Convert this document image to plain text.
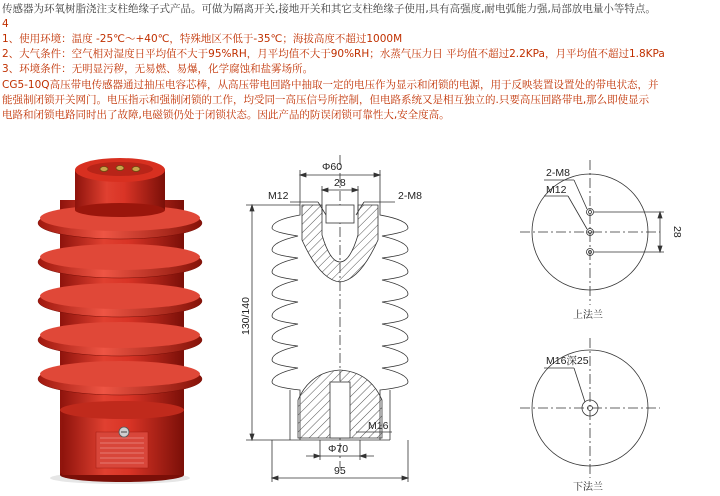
传感器为环氧树脂浇注支柱绝缘子式产品。可做为隔离开关,接地开关和其它支柱绝缘子使用,具有高强度,耐电弧能力强,局部放电量小等特点。
4
1、使用环境：温度 -25℃～+40℃，特殊地区不低于-35℃；海拔高度不超过1000M
2、大气条件：空气相对湿度日平均值不大于95%RH，月平均值不大于90%RH；水蒸气压力日 平均值不超过2.2KPa，月平均值不超过1.8KPa
3、环境条件：无明显污秽，无易燃、易爆，化学腐蚀和盐雾场所。
CG5-10Q高压带电传感器通过抽压电容芯棒，从高压带电回路中抽取一定的电压作为显示和闭锁的电源，用于反映装置设置处的带电状态，并
能强制闭锁开关网门。电压指示和强制闭锁的工作，均受同一高压信号所控制，但电路系统又是相互独立的.只要高压回路带电,那么即使显示
电路和闭锁电路同时出了故障,电磁锁仍处于闭锁状态。因此产品的防误闭锁可靠性大,安全度高。
Φ60
28
M12	2-M8
130/140
M16
Φ70
95
2-M8
M12
28
上法兰
M16深25
下法兰
